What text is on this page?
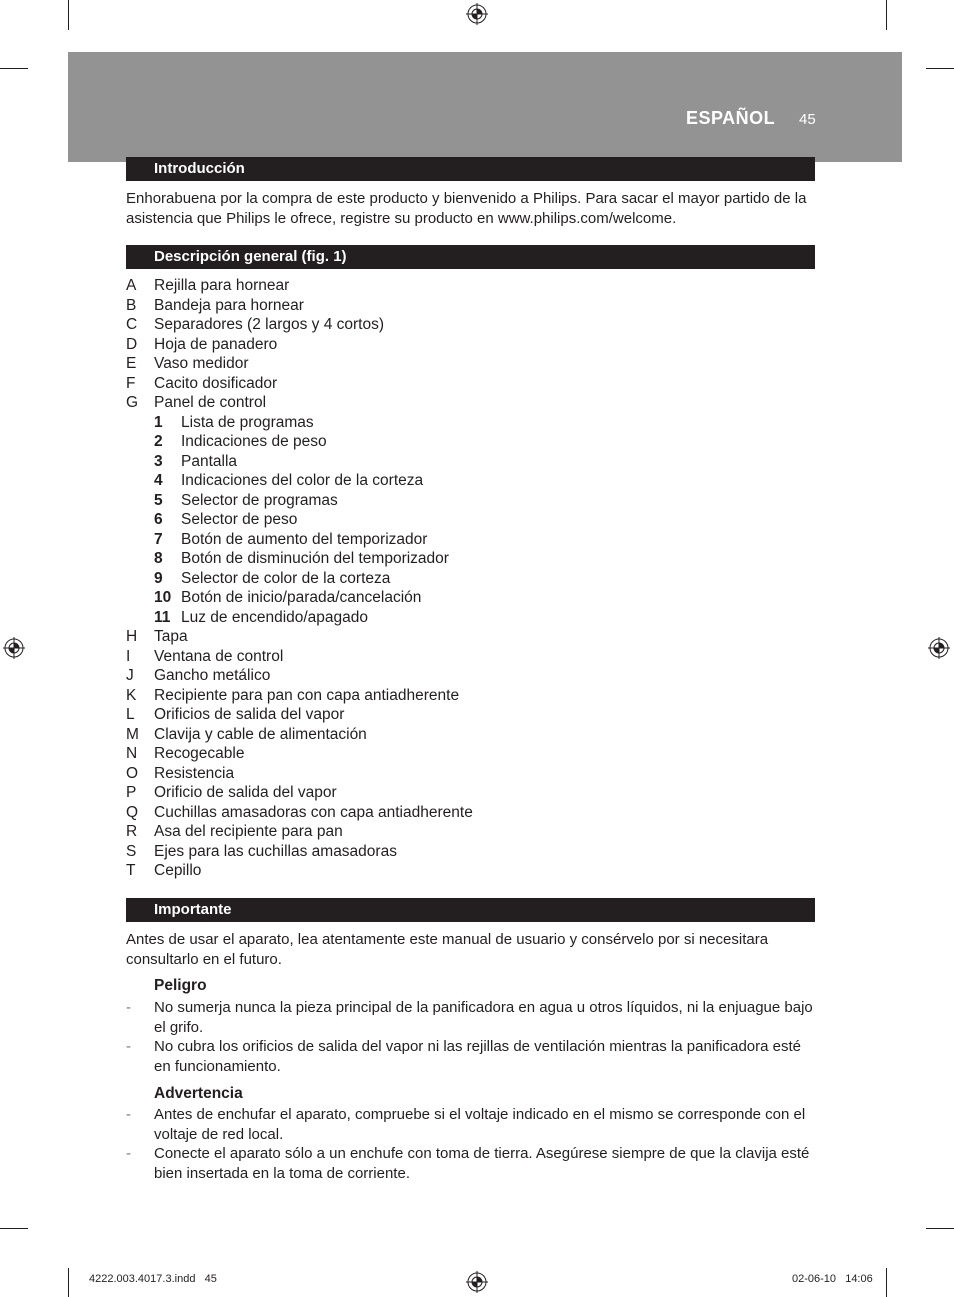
ESPAÑOL 45
Introducción
Enhorabuena por la compra de este producto y bienvenido a Philips. Para sacar el mayor partido de la asistencia que Philips le ofrece, registre su producto en www.philips.com/welcome.
Descripción general (fig. 1)
A Rejilla para hornear
B Bandeja para hornear
C Separadores (2 largos y 4 cortos)
D Hoja de panadero
E Vaso medidor
F Cacito dosificador
G Panel de control
1 Lista de programas
2 Indicaciones de peso
3 Pantalla
4 Indicaciones del color de la corteza
5 Selector de programas
6 Selector de peso
7 Botón de aumento del temporizador
8 Botón de disminución del temporizador
9 Selector de color de la corteza
10 Botón de inicio/parada/cancelación
11 Luz de encendido/apagado
H Tapa
I Ventana de control
J Gancho metálico
K Recipiente para pan con capa antiadherente
L Orificios de salida del vapor
M Clavija y cable de alimentación
N Recogecable
O Resistencia
P Orificio de salida del vapor
Q Cuchillas amasadoras con capa antiadherente
R Asa del recipiente para pan
S Ejes para las cuchillas amasadoras
T Cepillo
Importante
Antes de usar el aparato, lea atentamente este manual de usuario y consérvelo por si necesitara consultarlo en el futuro.
Peligro
- No sumerja nunca la pieza principal de la panificadora en agua u otros líquidos, ni la enjuague bajo el grifo.
- No cubra los orificios de salida del vapor ni las rejillas de ventilación mientras la panificadora esté en funcionamiento.
Advertencia
- Antes de enchufar el aparato, compruebe si el voltaje indicado en el mismo se corresponde con el voltaje de red local.
- Conecte el aparato sólo a un enchufe con toma de tierra. Asegúrese siempre de que la clavija esté bien insertada en la toma de corriente.
4222.003.4017.3.indd   45	02-06-10   14:06
